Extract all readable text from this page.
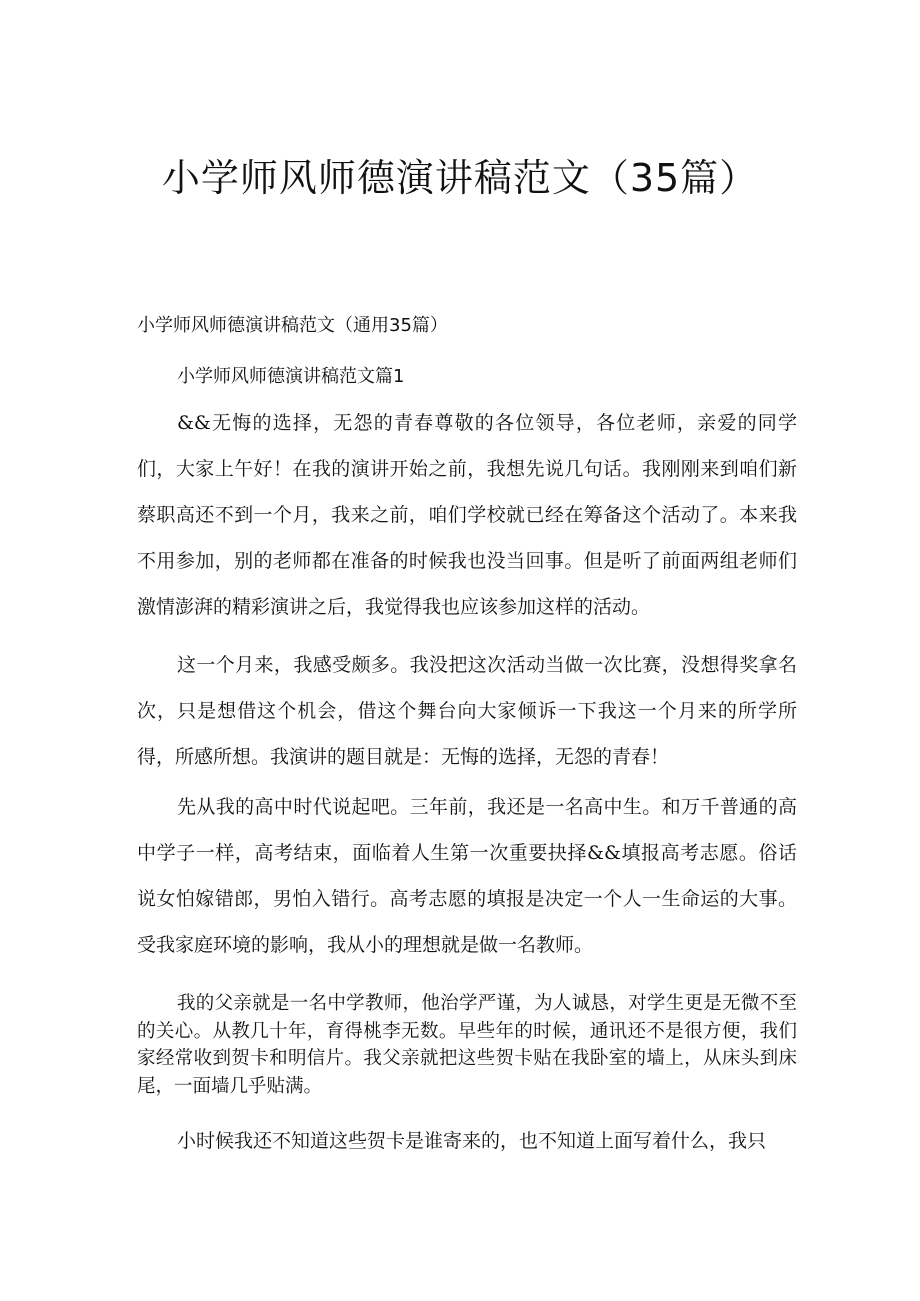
小学师风师德演讲稿范文（35篇）
小学师风师德演讲稿范文（通用35篇）
小学师风师德演讲稿范文篇1

&&无悔的选择，无怨的青春尊敬的各位领导，各位老师，亲爱的同学们，大家上午好！在我的演讲开始之前，我想先说几句话。我刚刚来到咱们新蔡职高还不到一个月，我来之前，咱们学校就已经在筹备这个活动了。本来我不用参加，别的老师都在准备的时候我也没当回事。但是听了前面两组老师们激情澎湃的精彩演讲之后，我觉得我也应该参加这样的活动。

这一个月来，我感受颇多。我没把这次活动当做一次比赛，没想得奖拿名次，只是想借这个机会，借这个舞台向大家倾诉一下我这一个月来的所学所得，所感所想。我演讲的题目就是：无悔的选择，无怨的青春！

先从我的高中时代说起吧。三年前，我还是一名高中生。和万千普通的高中学子一样，高考结束，面临着人生第一次重要抉择&&填报高考志愿。俗话说女怕嫁错郎，男怕入错行。高考志愿的填报是决定一个人一生命运的大事。受我家庭环境的影响，我从小的理想就是做一名教师。

我的父亲就是一名中学教师，他治学严谨，为人诚恳，对学生更是无微不至的关心。从教几十年，育得桃李无数。早些年的时候，通讯还不是很方便，我们家经常收到贺卡和明信片。我父亲就把这些贺卡贴在我卧室的墙上，从床头到床尾，一面墙几乎贴满。

小时候我还不知道这些贺卡是谁寄来的，也不知道上面写着什么，我只
